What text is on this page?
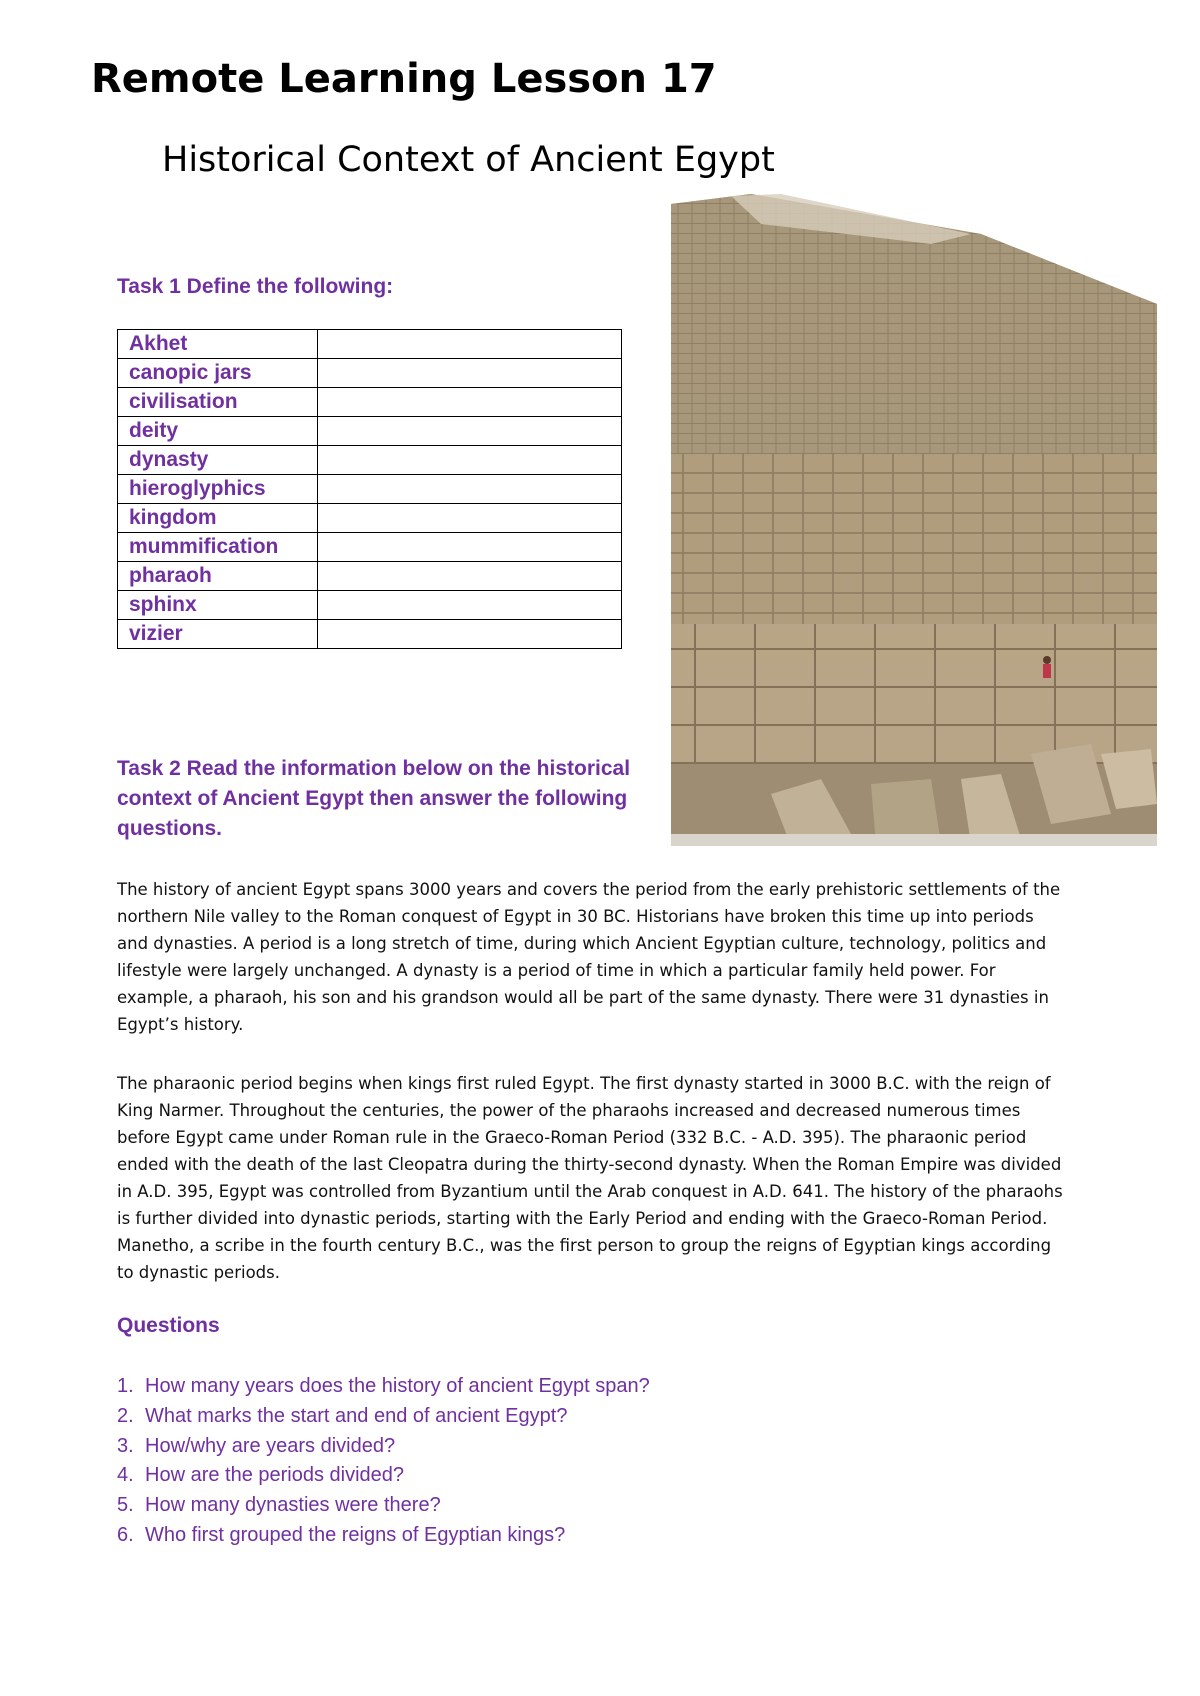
Remote Learning Lesson 17
Historical Context of Ancient Egypt

Task 1 Define the following:

Akhet	
canopic jars	
civilisation	
deity	
dynasty	
hieroglyphics	
kingdom	
mummification	
pharaoh	
sphinx	
vizier	

Task 2 Read the information below on the historical context of Ancient Egypt then answer the following questions.

The history of ancient Egypt spans 3000 years and covers the period from the early prehistoric settlements of the northern Nile valley to the Roman conquest of Egypt in 30 BC. Historians have broken this time up into periods and dynasties. A period is a long stretch of time, during which Ancient Egyptian culture, technology, politics and lifestyle were largely unchanged. A dynasty is a period of time in which a particular family held power. For example, a pharaoh, his son and his grandson would all be part of the same dynasty. There were 31 dynasties in Egypt’s history.

The pharaonic period begins when kings first ruled Egypt. The first dynasty started in 3000 B.C. with the reign of King Narmer. Throughout the centuries, the power of the pharaohs increased and decreased numerous times before Egypt came under Roman rule in the Graeco-Roman Period (332 B.C. - A.D. 395). The pharaonic period ended with the death of the last Cleopatra during the thirty-second dynasty. When the Roman Empire was divided in A.D. 395, Egypt was controlled from Byzantium until the Arab conquest in A.D. 641. The history of the pharaohs is further divided into dynastic periods, starting with the Early Period and ending with the Graeco-Roman Period. Manetho, a scribe in the fourth century B.C., was the first person to group the reigns of Egyptian kings according to dynastic periods.

Questions

1. How many years does the history of ancient Egypt span?
2. What marks the start and end of ancient Egypt?
3. How/why are years divided?
4. How are the periods divided?
5. How many dynasties were there?
6. Who first grouped the reigns of Egyptian kings?
